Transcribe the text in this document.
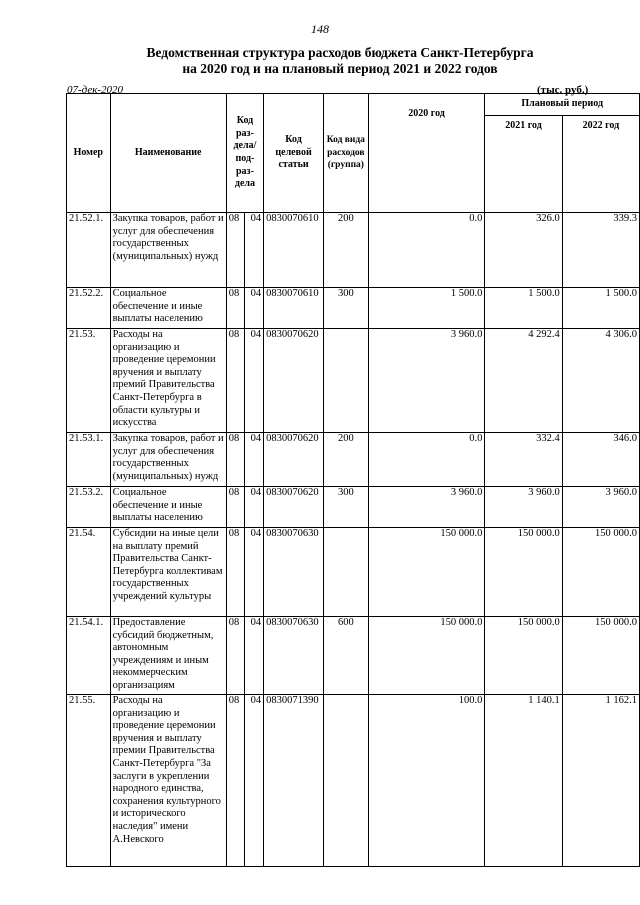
148
Ведомственная структура расходов бюджета Санкт-Петербурга
на 2020 год и на плановый период 2021 и 2022 годов
07-дек-2020	(тыс. руб.)
Номер	Наименование	Код раз-дела/под-раз-дела		Код целевой статьи	Код вида расходов (группа)	2020 год	Плановый период	
							2021 год	2022 год
21.52.1.	Закупка товаров, работ и услуг для обеспечения государственных (муниципальных) нужд	08	04	0830070610	200	0.0	326.0	339.3
21.52.2.	Социальное обеспечение и иные выплаты населению	08	04	0830070610	300	1 500.0	1 500.0	1 500.0
21.53.	Расходы на организацию и проведение церемонии вручения и выплату премий Правительства Санкт-Петербурга в области культуры и искусства	08	04	0830070620		3 960.0	4 292.4	4 306.0
21.53.1.	Закупка товаров, работ и услуг для обеспечения государственных (муниципальных) нужд	08	04	0830070620	200	0.0	332.4	346.0
21.53.2.	Социальное обеспечение и иные выплаты населению	08	04	0830070620	300	3 960.0	3 960.0	3 960.0
21.54.	Субсидии на иные цели на выплату премий Правительства Санкт-Петербурга коллективам государственных учреждений культуры	08	04	0830070630		150 000.0	150 000.0	150 000.0
21.54.1.	Предоставление субсидий бюджетным, автономным учреждениям и иным некоммерческим организациям	08	04	0830070630	600	150 000.0	150 000.0	150 000.0
21.55.	Расходы на организацию и проведение церемонии вручения и выплату премии Правительства Санкт-Петербурга "За заслуги в укреплении народного единства, сохранения культурного и исторического наследия" имени А.Невского	08	04	0830071390		100.0	1 140.1	1 162.1
